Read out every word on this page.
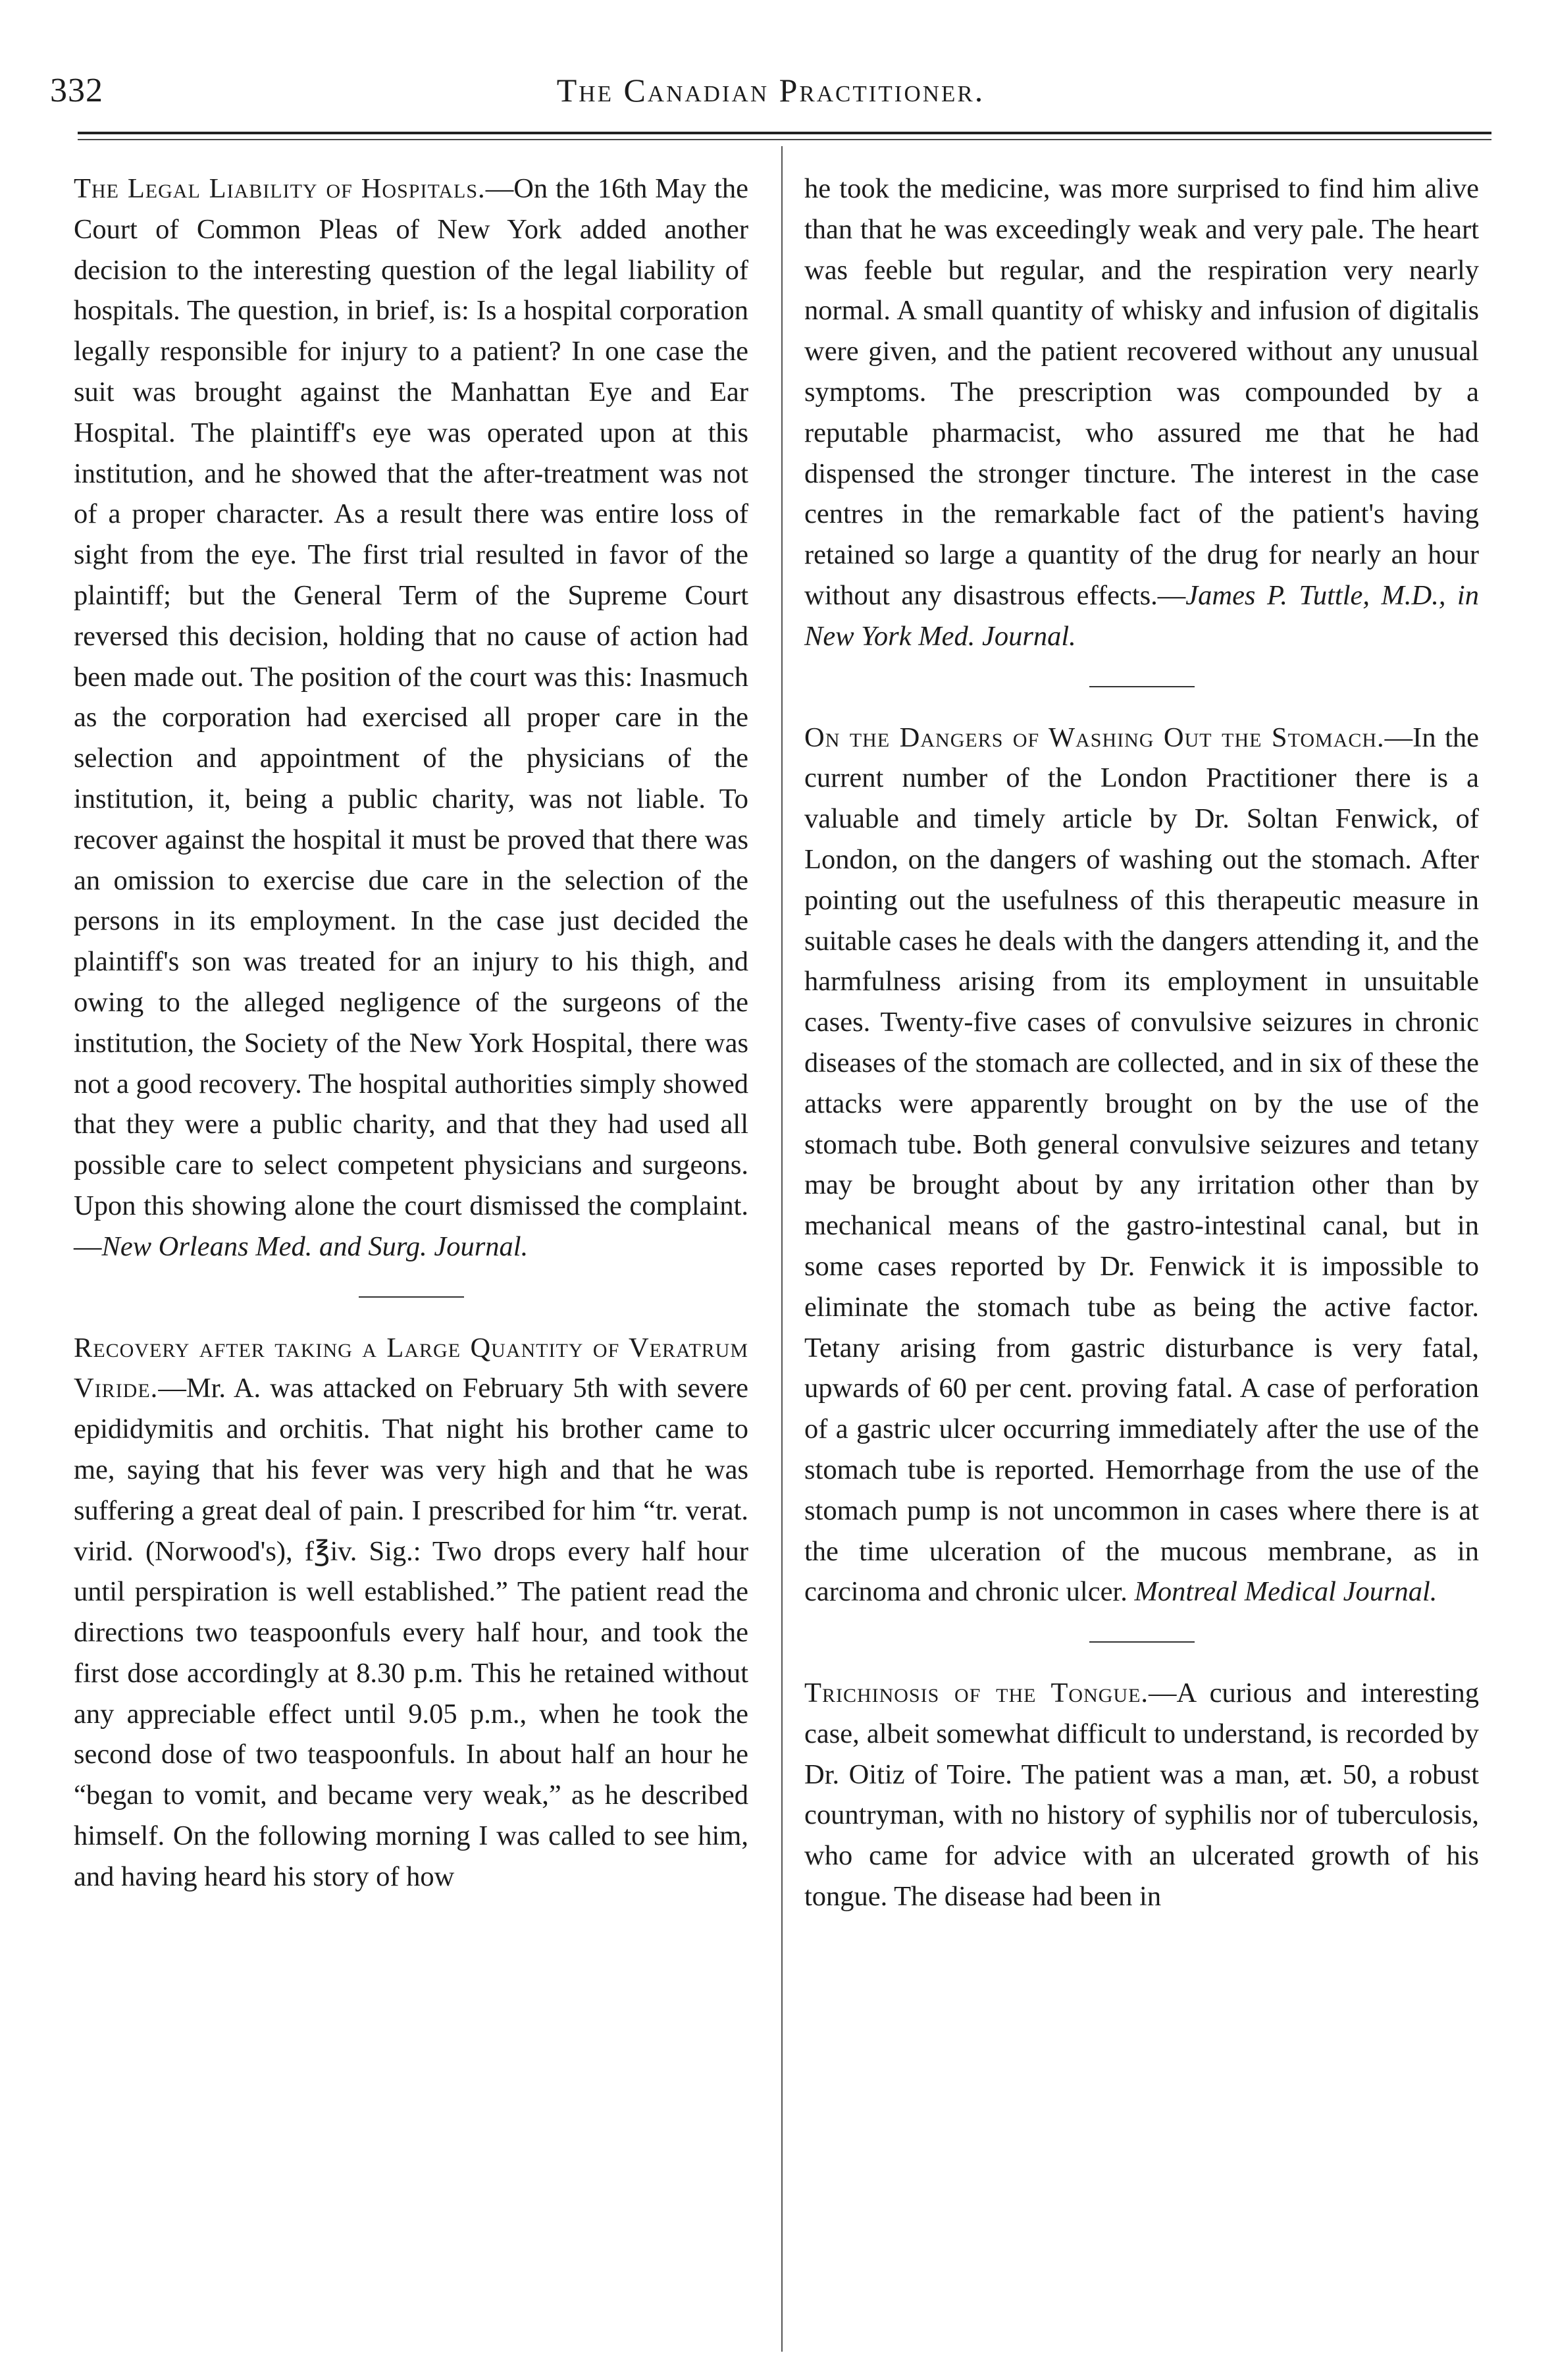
332	The Canadian Practitioner.

The Legal Liability of Hospitals.—On the 16th May the Court of Common Pleas of New York added another decision to the interesting question of the legal liability of hospitals. The question, in brief, is: Is a hospital corporation legally responsible for injury to a patient? In one case the suit was brought against the Manhattan Eye and Ear Hospital. The plaintiff's eye was operated upon at this institution, and he showed that the after-treatment was not of a proper character. As a result there was entire loss of sight from the eye. The first trial resulted in favor of the plaintiff; but the General Term of the Supreme Court reversed this decision, holding that no cause of action had been made out. The position of the court was this: Inasmuch as the corporation had exercised all proper care in the selection and appointment of the physicians of the institution, it, being a public charity, was not liable. To recover against the hospital it must be proved that there was an omission to exercise due care in the selection of the persons in its employment. In the case just decided the plaintiff's son was treated for an injury to his thigh, and owing to the alleged negligence of the surgeons of the institution, the Society of the New York Hospital, there was not a good recovery. The hospital authorities simply showed that they were a public charity, and that they had used all possible care to select competent physicians and surgeons. Upon this showing alone the court dismissed the complaint.—New Orleans Med. and Surg. Journal.

Recovery after taking a Large Quantity of Veratrum Viride.—Mr. A. was attacked on February 5th with severe epididymitis and orchitis. That night his brother came to me, saying that his fever was very high and that he was suffering a great deal of pain. I prescribed for him “tr. verat. virid. (Norwood's), f℥iv. Sig.: Two drops every half hour until perspiration is well established.” The patient read the directions two teaspoonfuls every half hour, and took the first dose accordingly at 8.30 p.m. This he retained without any appreciable effect until 9.05 p.m., when he took the second dose of two teaspoonfuls. In about half an hour he “began to vomit, and became very weak,” as he described himself. On the following morning I was called to see him, and having heard his story of how

he took the medicine, was more surprised to find him alive than that he was exceedingly weak and very pale. The heart was feeble but regular, and the respiration very nearly normal. A small quantity of whisky and infusion of digitalis were given, and the patient recovered without any unusual symptoms. The prescription was compounded by a reputable pharmacist, who assured me that he had dispensed the stronger tincture. The interest in the case centres in the remarkable fact of the patient's having retained so large a quantity of the drug for nearly an hour without any disastrous effects.—James P. Tuttle, M.D., in New York Med. Journal.

On the Dangers of Washing Out the Stomach.—In the current number of the London Practitioner there is a valuable and timely article by Dr. Soltan Fenwick, of London, on the dangers of washing out the stomach. After pointing out the usefulness of this therapeutic measure in suitable cases he deals with the dangers attending it, and the harmfulness arising from its employment in unsuitable cases. Twenty-five cases of convulsive seizures in chronic diseases of the stomach are collected, and in six of these the attacks were apparently brought on by the use of the stomach tube. Both general convulsive seizures and tetany may be brought about by any irritation other than by mechanical means of the gastro-intestinal canal, but in some cases reported by Dr. Fenwick it is impossible to eliminate the stomach tube as being the active factor. Tetany arising from gastric disturbance is very fatal, upwards of 60 per cent. proving fatal. A case of perforation of a gastric ulcer occurring immediately after the use of the stomach tube is reported. Hemorrhage from the use of the stomach pump is not uncommon in cases where there is at the time ulceration of the mucous membrane, as in carcinoma and chronic ulcer. Montreal Medical Journal.

Trichinosis of the Tongue.—A curious and interesting case, albeit somewhat difficult to understand, is recorded by Dr. Oitiz of Toire. The patient was a man, æt. 50, a robust countryman, with no history of syphilis nor of tuberculosis, who came for advice with an ulcerated growth of his tongue. The disease had been in
